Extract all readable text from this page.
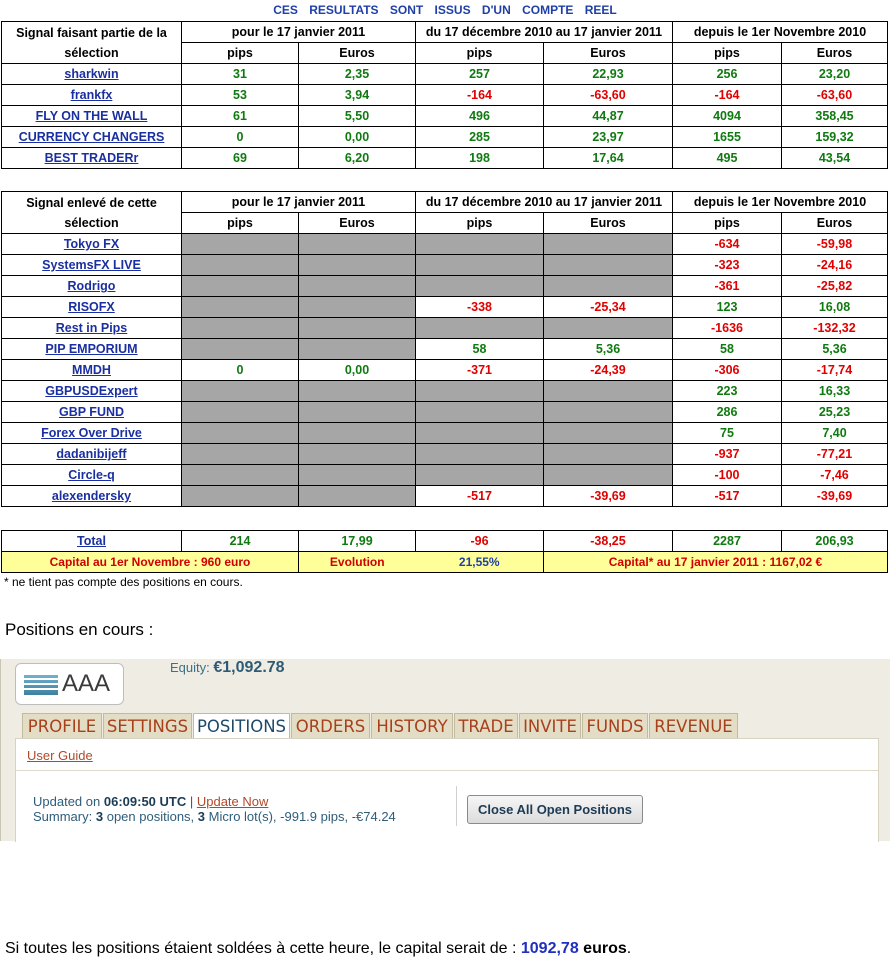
CES RESULTATS SONT ISSUS D'UN COMPTE REEL
Signal faisant partie de la
sélection	pour le 17 janvier 2011		du 17 décembre 2010 au 17 janvier 2011		depuis le 1er Novembre 2010	
	pips	Euros	pips	Euros	pips	Euros
sharkwin	31	2,35	257	22,93	256	23,20
frankfx	53	3,94	-164	-63,60	-164	-63,60
FLY ON THE WALL	61	5,50	496	44,87	4094	358,45
CURRENCY CHANGERS	0	0,00	285	23,97	1655	159,32
BEST TRADERr	69	6,20	198	17,64	495	43,54
Signal enlevé de cette
sélection	pour le 17 janvier 2011		du 17 décembre 2010 au 17 janvier 2011		depuis le 1er Novembre 2010	
	pips	Euros	pips	Euros	pips	Euros
Tokyo FX					-634	-59,98
SystemsFX LIVE					-323	-24,16
Rodrigo					-361	-25,82
RISOFX			-338	-25,34	123	16,08
Rest in Pips					-1636	-132,32
PIP EMPORIUM			58	5,36	58	5,36
MMDH	0	0,00	-371	-24,39	-306	-17,74
GBPUSDExpert					223	16,33
GBP FUND					286	25,23
Forex Over Drive					75	7,40
dadanibijeff					-937	-77,21
Circle-q					-100	-7,46
alexendersky			-517	-39,69	-517	-39,69
Total	214	17,99	-96	-38,25	2287	206,93
Capital au 1er Novembre : 960 euro		Evolution	21,55%	Capital* au 17 janvier 2011 : 1167,02 €		
* ne tient pas compte des positions en cours.
Positions en cours :
AAA
Equity: €1,092.78
PROFILE SETTINGS POSITIONS ORDERS HISTORY TRADE INVITE FUNDS REVENUE
User Guide
Updated on 06:09:50 UTC | Update Now
Summary: 3 open positions, 3 Micro lot(s), -991.9 pips, -€74.24	Close All Open Positions
Si toutes les positions étaient soldées à cette heure, le capital serait de : 1092,78 euros.
